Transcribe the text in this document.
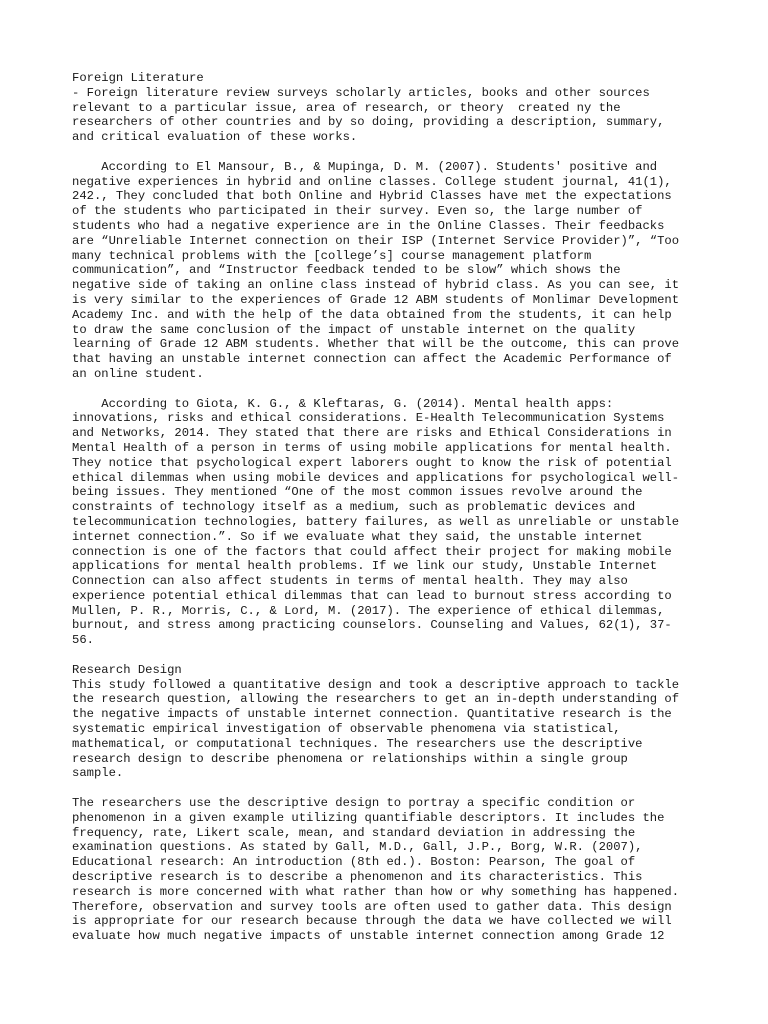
Foreign Literature
- Foreign literature review surveys scholarly articles, books and other sources
relevant to a particular issue, area of research, or theory  created ny the
researchers of other countries and by so doing, providing a description, summary,
and critical evaluation of these works.
According to El Mansour, B., & Mupinga, D. M. (2007). Students' positive and
negative experiences in hybrid and online classes. College student journal, 41(1),
242., They concluded that both Online and Hybrid Classes have met the expectations
of the students who participated in their survey. Even so, the large number of
students who had a negative experience are in the Online Classes. Their feedbacks
are “Unreliable Internet connection on their ISP (Internet Service Provider)”, “Too
many technical problems with the [college’s] course management platform
communication”, and “Instructor feedback tended to be slow” which shows the
negative side of taking an online class instead of hybrid class. As you can see, it
is very similar to the experiences of Grade 12 ABM students of Monlimar Development
Academy Inc. and with the help of the data obtained from the students, it can help
to draw the same conclusion of the impact of unstable internet on the quality
learning of Grade 12 ABM students. Whether that will be the outcome, this can prove
that having an unstable internet connection can affect the Academic Performance of
an online student.
According to Giota, K. G., & Kleftaras, G. (2014). Mental health apps:
innovations, risks and ethical considerations. E-Health Telecommunication Systems
and Networks, 2014. They stated that there are risks and Ethical Considerations in
Mental Health of a person in terms of using mobile applications for mental health.
They notice that psychological expert laborers ought to know the risk of potential
ethical dilemmas when using mobile devices and applications for psychological well-
being issues. They mentioned “One of the most common issues revolve around the
constraints of technology itself as a medium, such as problematic devices and
telecommunication technologies, battery failures, as well as unreliable or unstable
internet connection.”. So if we evaluate what they said, the unstable internet
connection is one of the factors that could affect their project for making mobile
applications for mental health problems. If we link our study, Unstable Internet
Connection can also affect students in terms of mental health. They may also
experience potential ethical dilemmas that can lead to burnout stress according to
Mullen, P. R., Morris, C., & Lord, M. (2017). The experience of ethical dilemmas,
burnout, and stress among practicing counselors. Counseling and Values, 62(1), 37-
56.
Research Design
This study followed a quantitative design and took a descriptive approach to tackle
the research question, allowing the researchers to get an in-depth understanding of
the negative impacts of unstable internet connection. Quantitative research is the
systematic empirical investigation of observable phenomena via statistical,
mathematical, or computational techniques. The researchers use the descriptive
research design to describe phenomena or relationships within a single group
sample.
The researchers use the descriptive design to portray a specific condition or
phenomenon in a given example utilizing quantifiable descriptors. It includes the
frequency, rate, Likert scale, mean, and standard deviation in addressing the
examination questions. As stated by Gall, M.D., Gall, J.P., Borg, W.R. (2007),
Educational research: An introduction (8th ed.). Boston: Pearson, The goal of
descriptive research is to describe a phenomenon and its characteristics. This
research is more concerned with what rather than how or why something has happened.
Therefore, observation and survey tools are often used to gather data. This design
is appropriate for our research because through the data we have collected we will
evaluate how much negative impacts of unstable internet connection among Grade 12
